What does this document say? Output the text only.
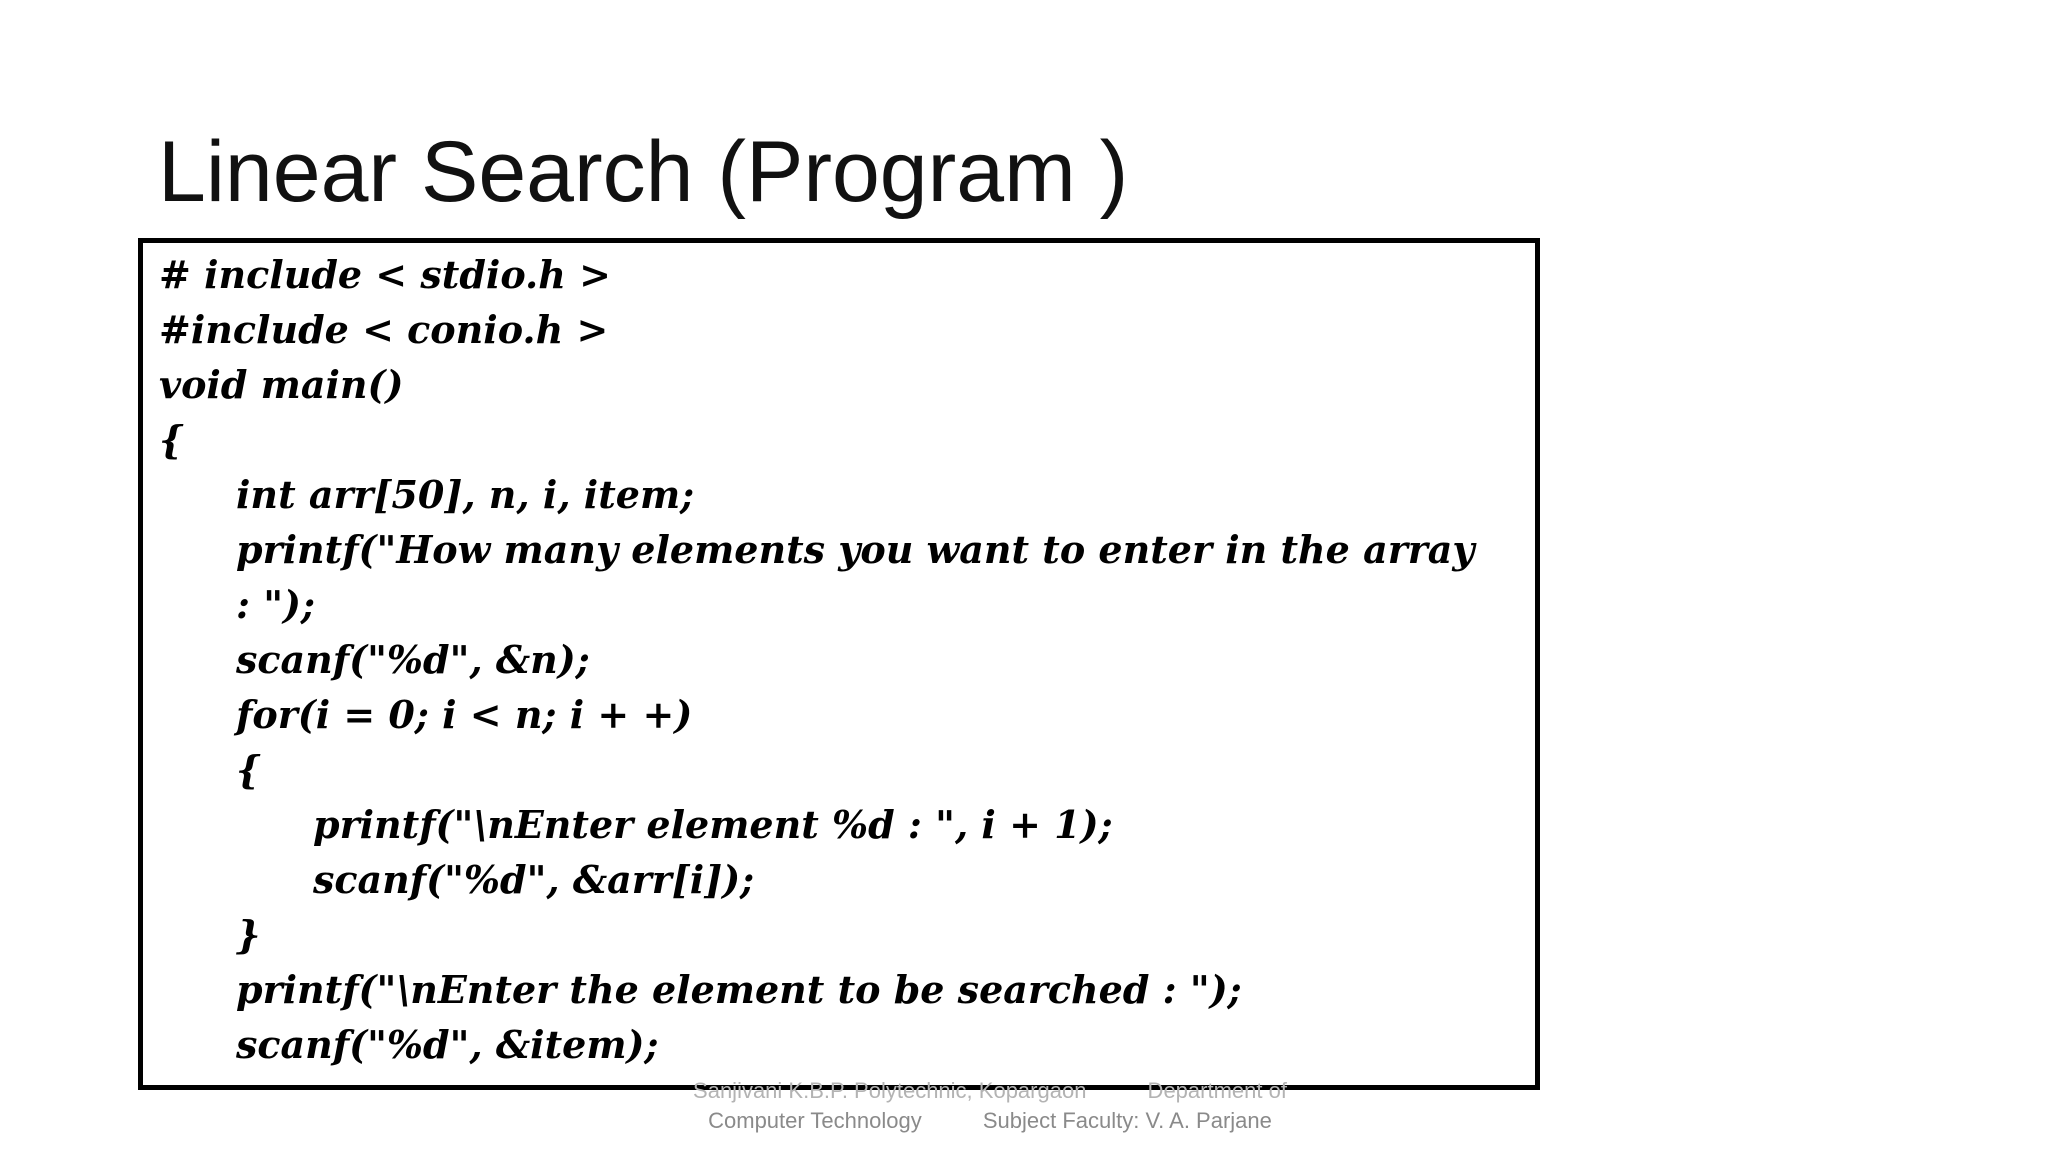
Linear Search (Program )
# include < stdio.h >
#include < conio.h >
void main()
{
int arr[50], n, i, item;
printf("How many elements you want to enter in the array
: ");
scanf("%d", &n);
for(i = 0; i < n; i + +)
{
printf("\nEnter element %d : ", i + 1);
scanf("%d", &arr[i]);
}
printf("\nEnter the element to be searched : ");
scanf("%d", &item);
Sanjivani K.B.P. Polytechnic, Kopargaon          Department of
Computer Technology          Subject Faculty: V. A. Parjane
